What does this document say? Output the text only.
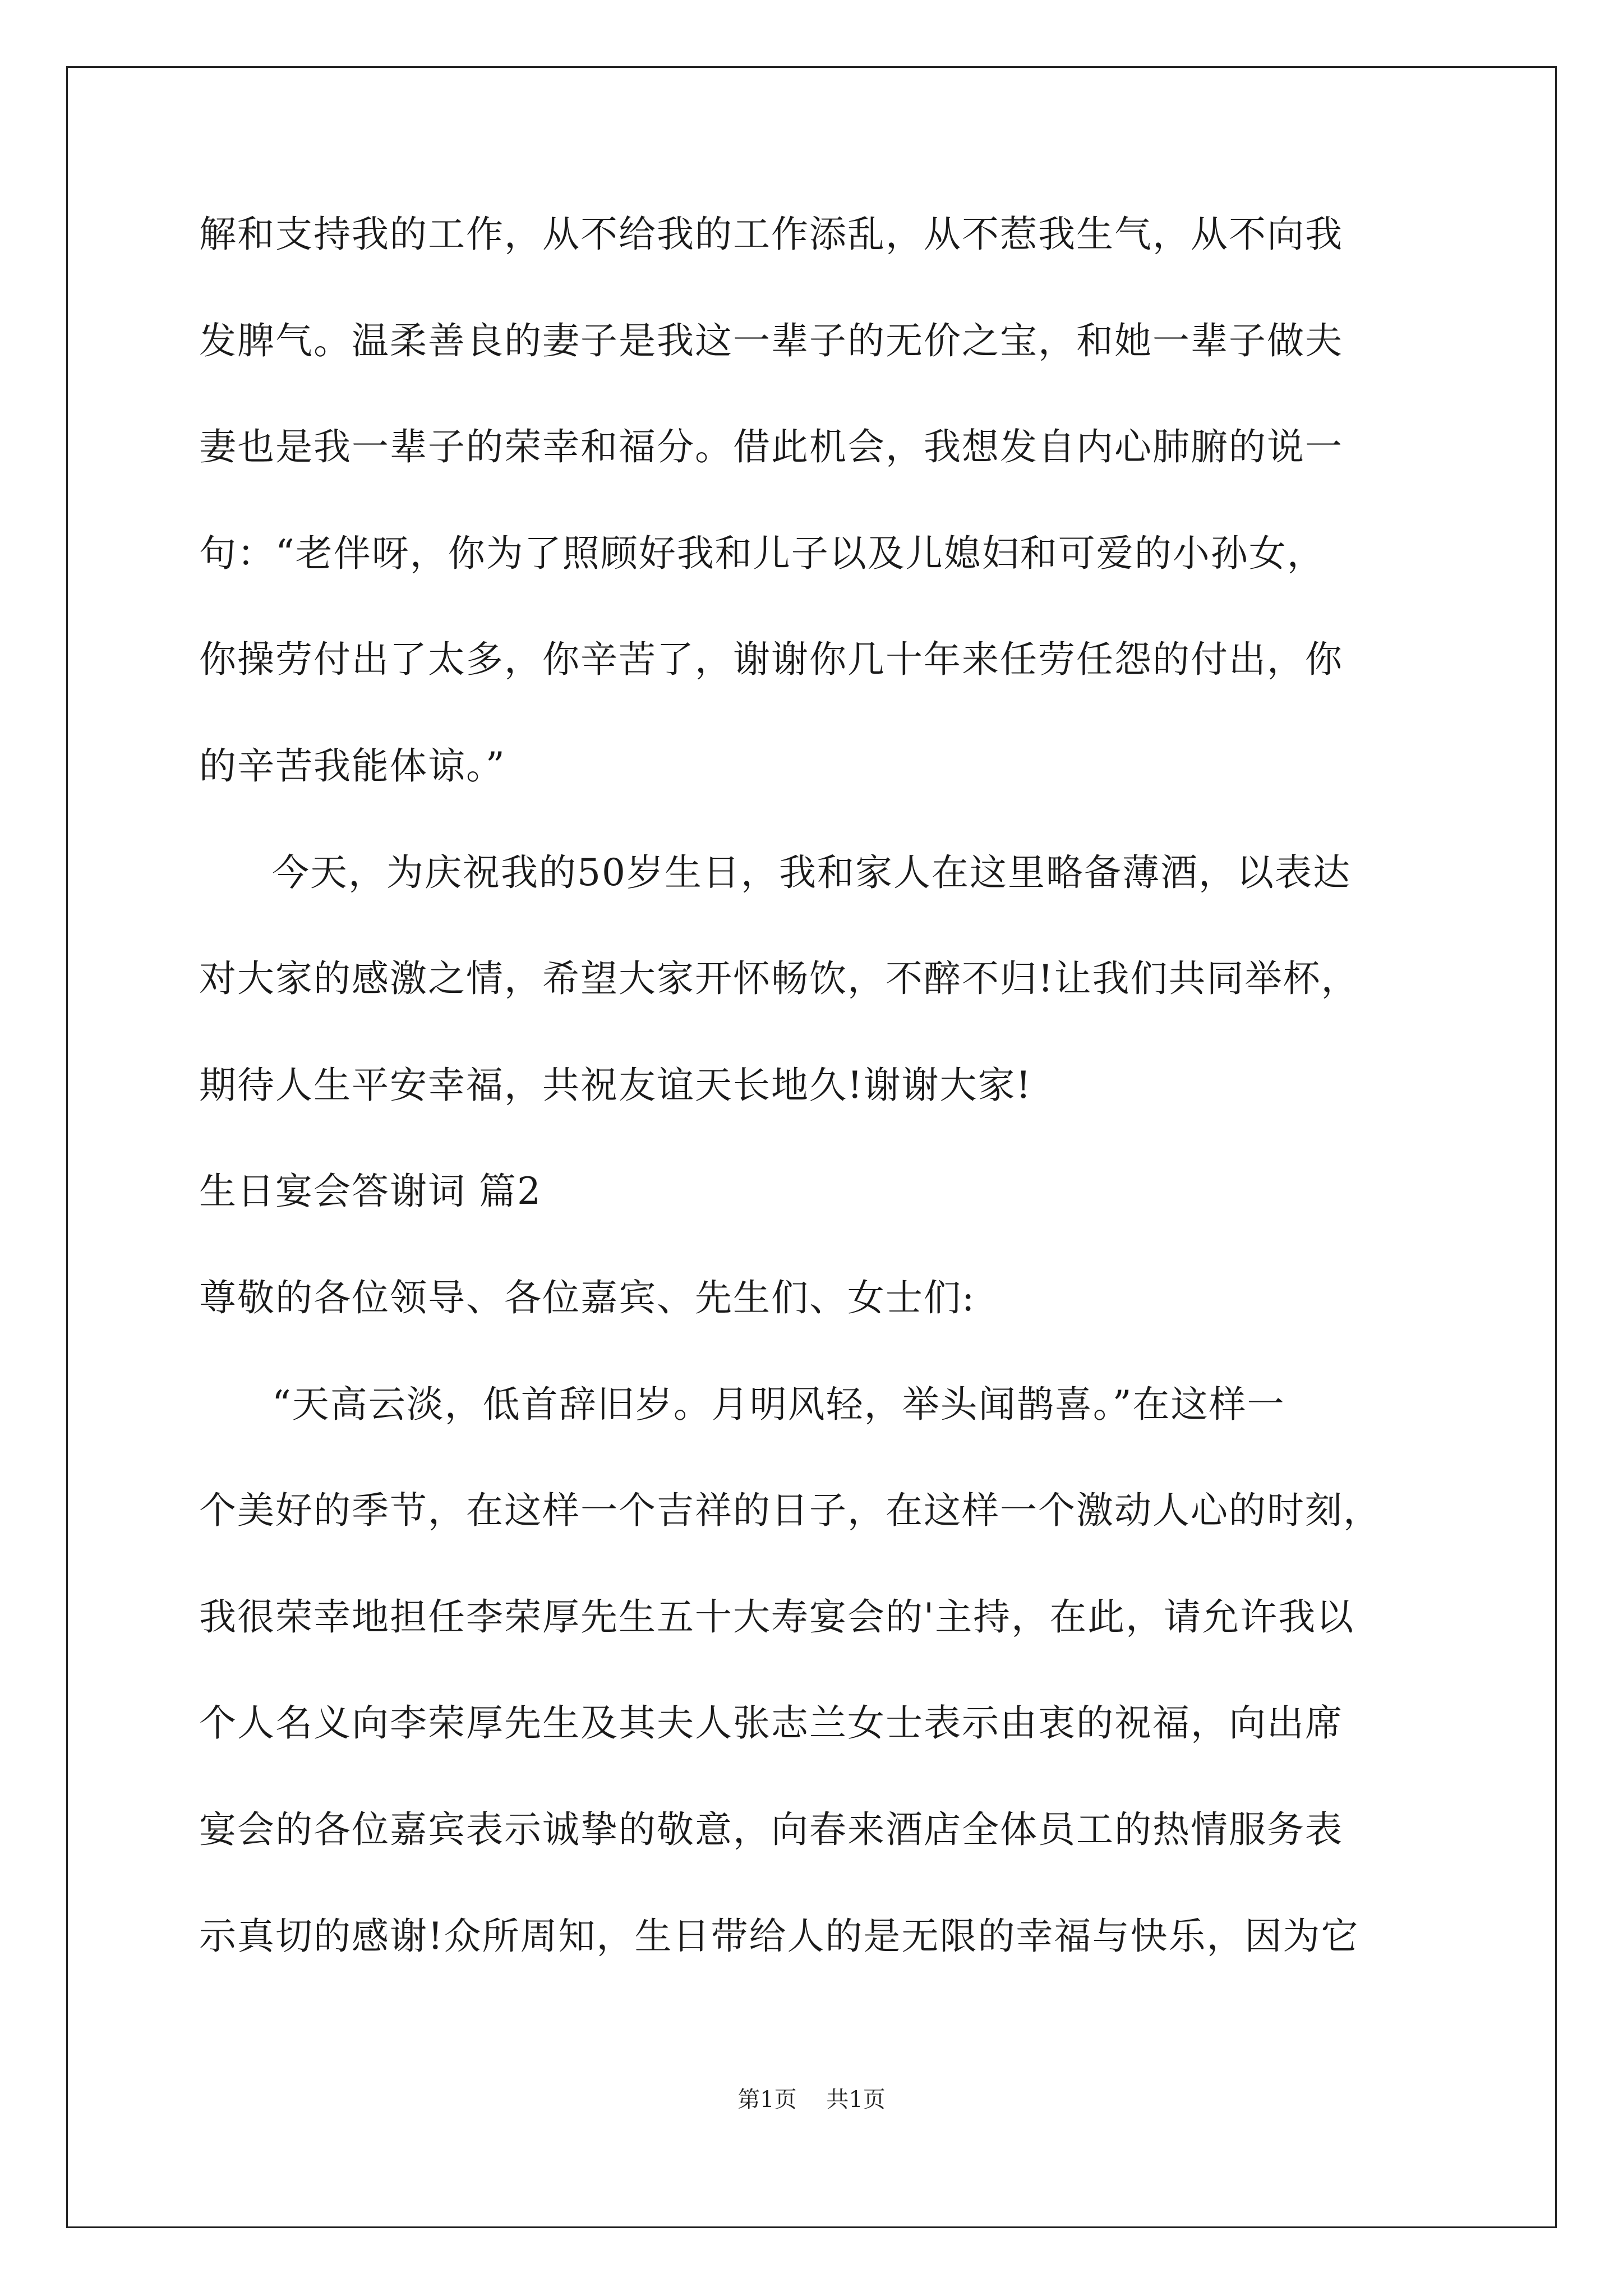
解和支持我的工作，从不给我的工作添乱，从不惹我生气，从不向我

发脾气。温柔善良的妻子是我这一辈子的无价之宝，和她一辈子做夫

妻也是我一辈子的荣幸和福分。借此机会，我想发自内心肺腑的说一

句：“老伴呀，你为了照顾好我和儿子以及儿媳妇和可爱的小孙女，

你操劳付出了太多，你辛苦了，谢谢你几十年来任劳任怨的付出，你

的辛苦我能体谅。”

今天，为庆祝我的50岁生日，我和家人在这里略备薄酒，以表达

对大家的感激之情，希望大家开怀畅饮，不醉不归!让我们共同举杯，

期待人生平安幸福，共祝友谊天长地久!谢谢大家!

生日宴会答谢词 篇2

尊敬的各位领导、各位嘉宾、先生们、女士们:

“天高云淡，低首辞旧岁。月明风轻，举头闻鹊喜。”在这样一

个美好的季节，在这样一个吉祥的日子，在这样一个激动人心的时刻，

我很荣幸地担任李荣厚先生五十大寿宴会的'主持，在此，请允许我以

个人名义向李荣厚先生及其夫人张志兰女士表示由衷的祝福，向出席

宴会的各位嘉宾表示诚挚的敬意，向春来酒店全体员工的热情服务表

示真切的感谢!众所周知，生日带给人的是无限的幸福与快乐，因为它

第1页 共1页
